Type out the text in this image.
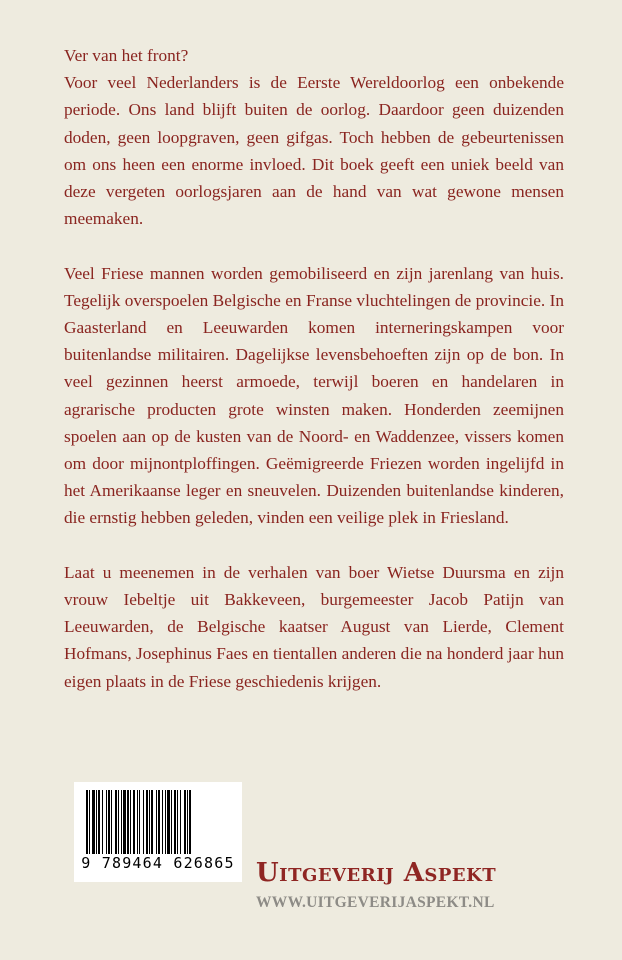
Ver van het front?

Voor veel Nederlanders is de Eerste Wereldoorlog een onbekende periode. Ons land blijft buiten de oorlog. Daardoor geen duizenden doden, geen loopgraven, geen gifgas. Toch hebben de gebeurtenissen om ons heen een enorme invloed. Dit boek geeft een uniek beeld van deze vergeten oorlogsjaren aan de hand van wat gewone mensen meemaken.

Veel Friese mannen worden gemobiliseerd en zijn jarenlang van huis. Tegelijk overspoelen Belgische en Franse vluchtelingen de provincie. In Gaasterland en Leeuwarden komen interneringskampen voor buitenlandse militairen. Dagelijkse levensbehoeften zijn op de bon. In veel gezinnen heerst armoede, terwijl boeren en handelaren in agrarische producten grote winsten maken. Honderden zeemijnen spoelen aan op de kusten van de Noord- en Waddenzee, vissers komen om door mijnontploffingen. Geëmigreerde Friezen worden ingelijfd in het Amerikaanse leger en sneuvelen. Duizenden buitenlandse kinderen, die ernstig hebben geleden, vinden een veilige plek in Friesland.

Laat u meenemen in de verhalen van boer Wietse Duursma en zijn vrouw Iebeltje uit Bakkeveen, burgemeester Jacob Patijn van Leeuwarden, de Belgische kaatser August van Lierde, Clement Hofmans, Josephinus Faes en tientallen anderen die na honderd jaar hun eigen plaats in de Friese geschiedenis krijgen.

9 789464 626865 Uitgeverij Aspekt
WWW.UITGEVERIJASPEKT.NL
